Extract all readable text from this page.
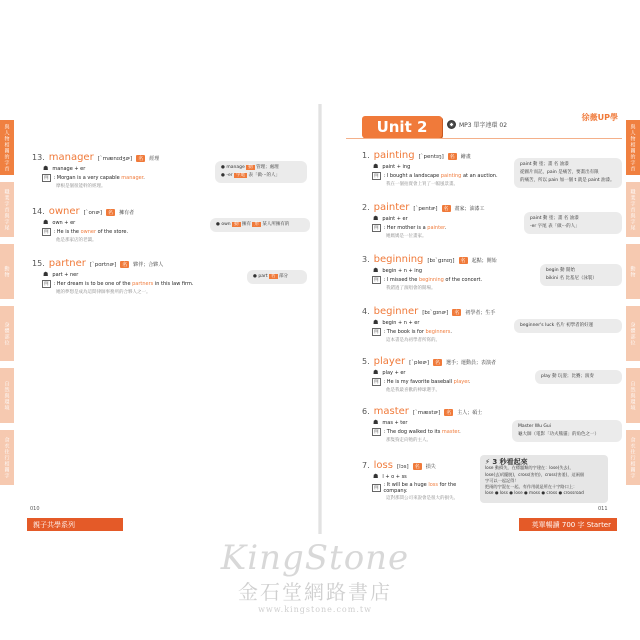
與人物相關的字首
職業字首與字尾
動物
身體部位
自然與環境
食衣住行相關字
與人物相關的字首
職業字首與字尾
動物
身體部位
自然與環境
食衣住行相關字
Unit 2	MP3 單字連環 02
徐薇UP學
13. manager [ˋmænɪdʒɚ]	名	經理
☗ manage + er
例	: Morgan is a very capable manager.
摩根是個很能幹的經理。
14. owner [ˋonɚ]	名	擁有者
☗ own + er
例	: He is the owner of the store.
他是那家店的老闆。
15. partner [ˋpɑrtnɚ]	名	夥伴；合夥人
☗ part + ner
例	: Her dream is to be one of the partners in this law firm.
她的夢想是成為這間律師事務所的合夥人之一。
● manage 動 管理；處理
● -er 字尾 表「做⋯的人」
● own 動 擁有 形 某人所擁有的
● part 名 部分
1. painting [ˋpentɪŋ]	名	繪畫
☗ paint + ing
例	: I bought a landscape painting at an auction.
我在一個拍賣會上買了一幅風景畫。
2. painter [ˋpentɚ]	名	畫家；油漆工
☗ paint + er
例	: Her mother is a painter.
她媽媽是一位畫家。
3. beginning [bɪˋgɪnɪŋ]	名	起點；開始
☗ begin + n + ing
例	: I missed the beginning of the concert.
我錯過了演唱會的開場。
4. beginner [bɪˋgɪnɚ]	名	初學者；生手
☗ begin + n + er
例	: The book is for beginners.
這本書是為初學者所寫的。
5. player [ˋpleɚ]	名	選手；運動員；表演者
☗ play + er
例	: He is my favorite baseball player.
他是我最喜歡的棒球選手。
6. master [ˋmæstɚ]	名	主人；碩士
☗ mas + ter
例	: The dog walked to its master.
那隻狗走向牠的主人。
7. loss [lɔs]	名	損失
☗ l + o + ss
例
: It will be a huge loss for the company.
這對那間公司來說會是很大的損失。
paint 動 塗；畫 名 油漆
從圖片而記，pain 是痛苦，要畫出有限
的痛苦，所以 pain 加一個 t 就是 paint 油漆。
paint 動 塗；畫 名 油漆
-er 字尾 表「做⋯的人」
begin 動 開始
bikini 名 比基尼（泳裝）
beginner's luck 名片 初學者的好運
play 動 玩耍；比賽；演奏
Master Wu Gui
龜大師（電影「功夫熊貓」的角色之一）
⚡ 3 秒看起來
lose 動損失，在標題類的字建在：lose(失去)，
lose(去)/(擺脫)，cross(害怕)，cross(害羞)，這兩個
字可以一起記得！
把兩的字混在一起，有作用就是所在十字路口上：
lose ● loss ● lose ● moss ● cross ● crossroad
010	011
親子共學系列	英單暢讀 700 字 Starter
KingStone
金石堂網路書店
www.kingstone.com.tw
